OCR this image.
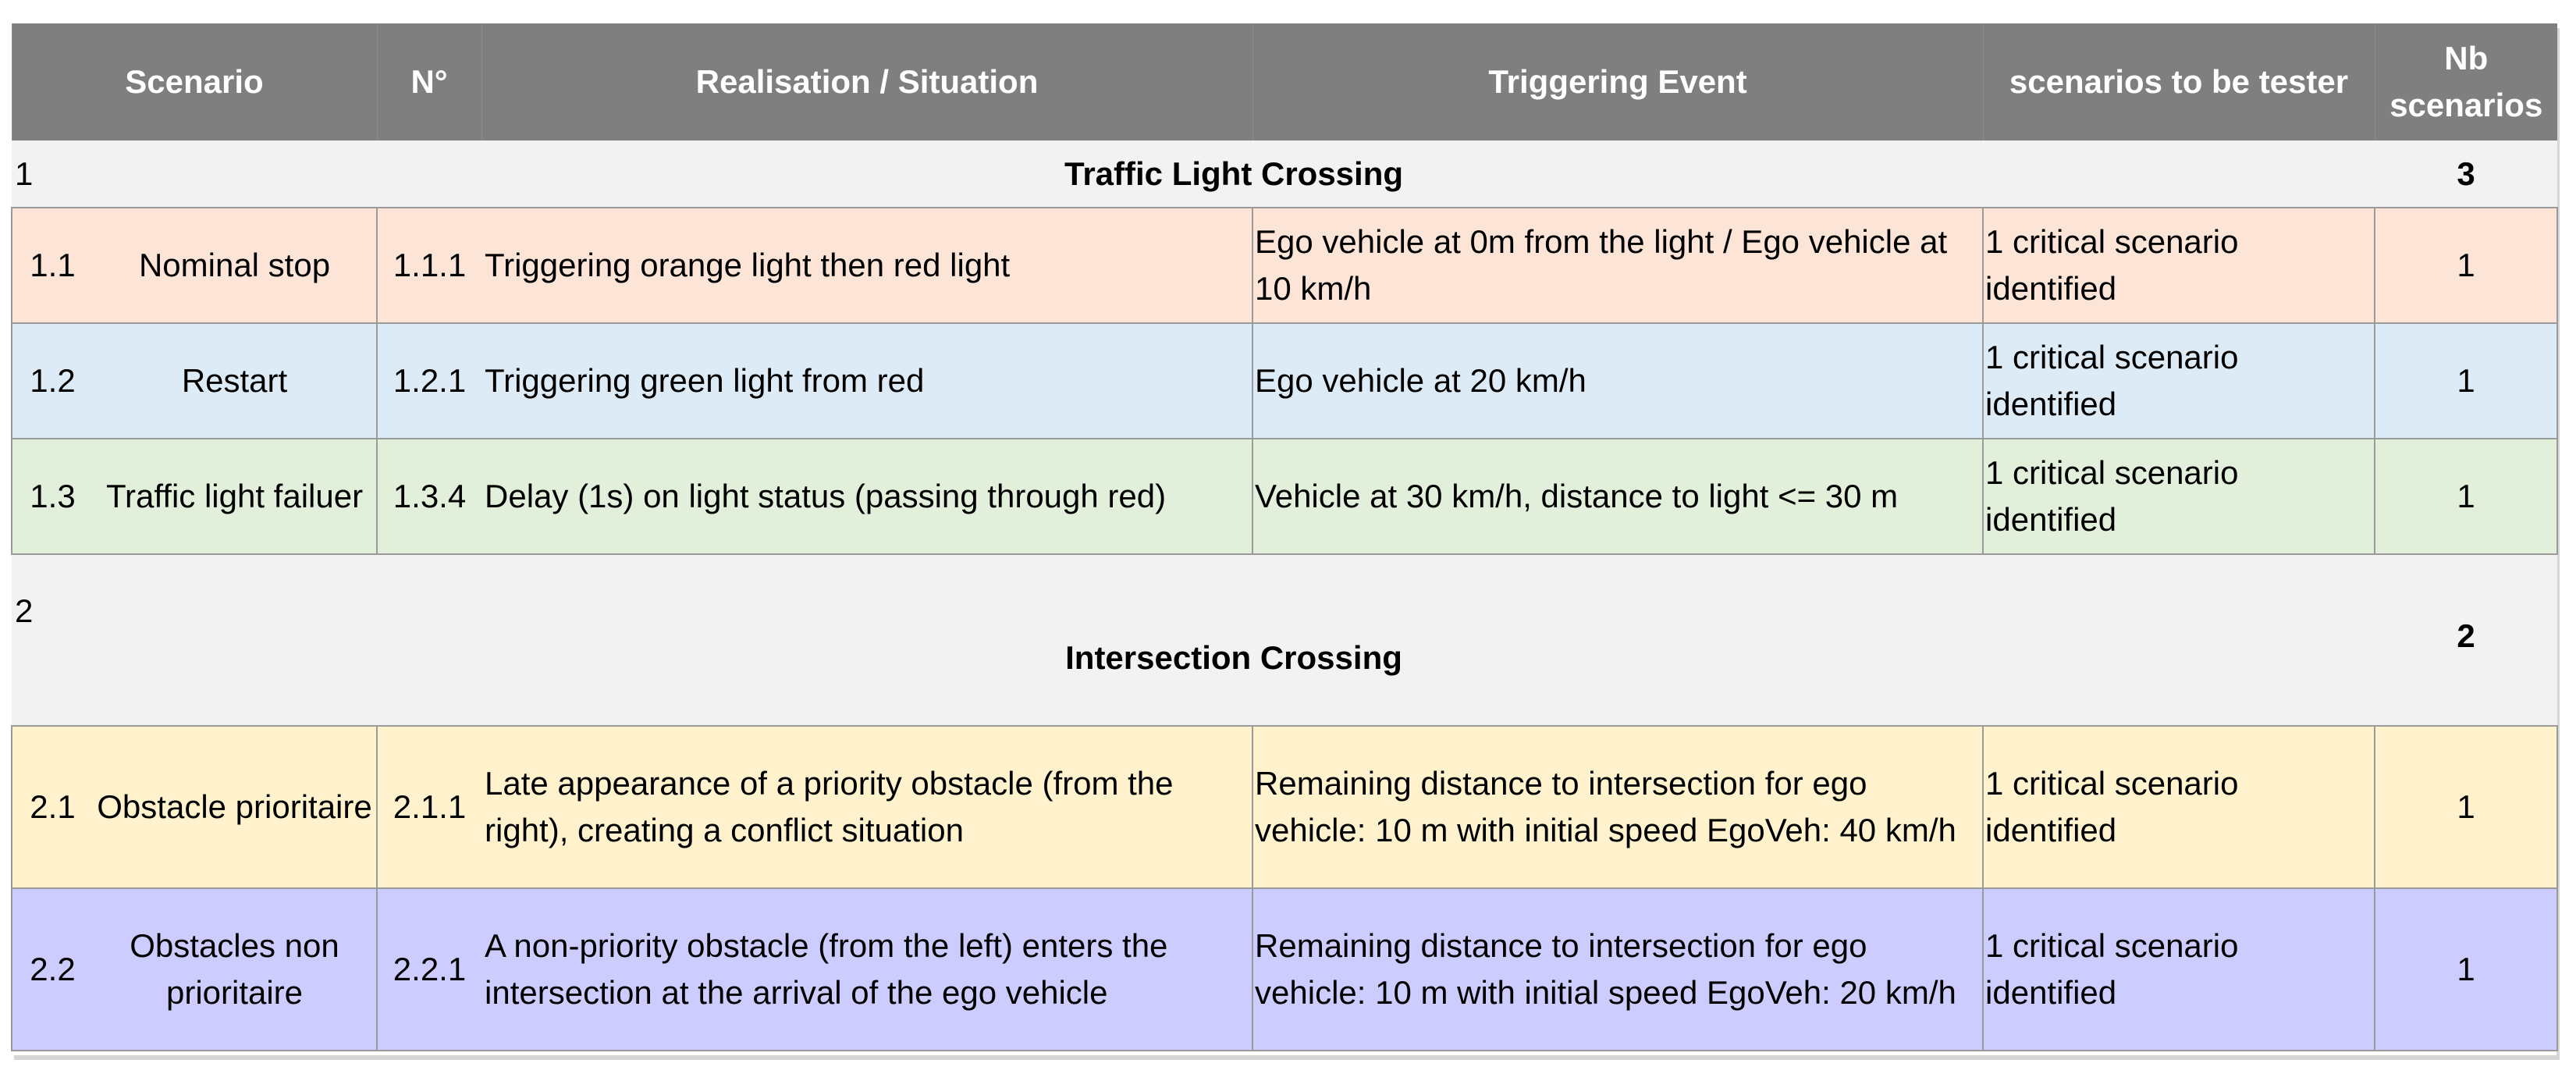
Scenario		N°	Realisation / Situation	Triggering Event	scenarios to be tester	Nb scenarios
1	Traffic Light Crossing					3
1.1	Nominal stop	1.1.1	Triggering orange light then red light	Ego vehicle at 0m from the light / Ego vehicle at 10 km/h	1 critical scenario identified	1
1.2	Restart	1.2.1	Triggering green light from red	Ego vehicle at 20 km/h	1 critical scenario identified	1
1.3	Traffic light failuer	1.3.4	Delay (1s) on light status (passing through red)	Vehicle at 30 km/h, distance to light <= 30 m	1 critical scenario identified	1
2	Intersection Crossing					2
2.1	Obstacle prioritaire	2.1.1	Late appearance of a priority obstacle (from the right), creating a conflict situation	Remaining distance to intersection for ego vehicle: 10 m with initial speed EgoVeh: 40 km/h	1 critical scenario identified	1
2.2	Obstacles non prioritaire	2.2.1	A non-priority obstacle (from the left) enters the intersection at the arrival of the ego vehicle	Remaining distance to intersection for ego vehicle: 10 m with initial speed EgoVeh: 20 km/h	1 critical scenario identified	1
